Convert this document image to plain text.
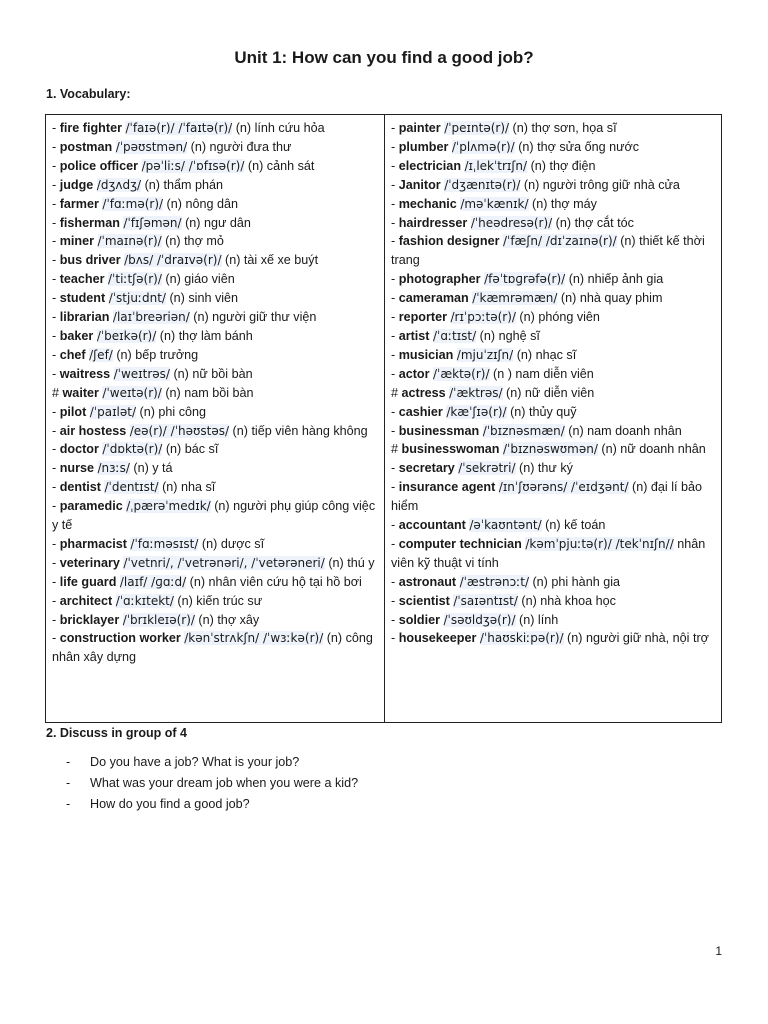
Unit 1: How can you find a good job?

1. Vocabulary:

- fire fighter /ˈfaɪə(r)/ /ˈfaɪtə(r)/ (n) lính cứu hỏa

- postman /ˈpəʊstmən/ (n) người đưa thư

- police officer /pəˈliːs/ /ˈɒfɪsə(r)/ (n) cảnh sát

- judge /dʒʌdʒ/ (n) thẩm phán

- farmer /ˈfɑːmə(r)/ (n) nông dân

- fisherman /ˈfɪʃəmən/ (n) ngư dân

- miner /ˈmaɪnə(r)/ (n) thợ mỏ

- bus driver /bʌs/ /ˈdraɪvə(r)/ (n) tài xế xe buýt

- teacher /ˈtiːtʃə(r)/ (n) giáo viên

- student /ˈstjuːdnt/ (n) sinh viên

- librarian /laɪˈbreəriən/ (n) người giữ thư viện

- baker /ˈbeɪkə(r)/ (n) thợ làm bánh

- chef /ʃef/ (n) bếp trưởng

- waitress /ˈweɪtrəs/ (n) nữ bồi bàn

# waiter /ˈweɪtə(r)/ (n) nam bồi bàn

- pilot /ˈpaɪlət/ (n) phi công

- air hostess /eə(r)/ /ˈhəʊstəs/ (n) tiếp viên hàng không

- doctor /ˈdɒktə(r)/ (n) bác sĩ

- nurse /nɜːs/ (n) y tá

- dentist /ˈdentɪst/ (n) nha sĩ

- paramedic /ˌpærəˈmedɪk/ (n) người phụ giúp công việc y tế

- pharmacist /ˈfɑːməsɪst/ (n) dược sĩ

- veterinary /ˈvetnri/, /ˈvetrənəri/, /ˈvetərəneri/ (n) thú y

- life guard /laɪf/ /ɡɑːd/ (n) nhân viên cứu hộ tại hồ bơi

- architect /ˈɑːkɪtekt/ (n) kiến trúc sư

- bricklayer /ˈbrɪkleɪə(r)/ (n) thợ xây

- construction worker /kənˈstrʌkʃn/ /ˈwɜːkə(r)/ (n) công nhân xây dựng

- painter /ˈpeɪntə(r)/ (n) thợ sơn, họa sĩ

- plumber /ˈplʌmə(r)/ (n) thợ sửa ống nước

- electrician /ɪˌlekˈtrɪʃn/ (n) thợ điện

- Janitor /ˈdʒænɪtə(r)/ (n) người trông giữ nhà cửa

- mechanic /məˈkænɪk/ (n) thợ máy

- hairdresser /ˈheədresə(r)/ (n) thợ cắt tóc

- fashion designer /ˈfæʃn/ /dɪˈzaɪnə(r)/ (n) thiết kế thời trang

- photographer /fəˈtɒɡrəfə(r)/ (n) nhiếp ảnh gia

- cameraman /ˈkæmrəmæn/ (n) nhà quay phim

- reporter /rɪˈpɔːtə(r)/ (n) phóng viên

- artist /ˈɑːtɪst/ (n) nghệ sĩ

- musician /mjuˈzɪʃn/ (n) nhạc sĩ

- actor /ˈæktə(r)/ (n ) nam diễn viên

# actress /ˈæktrəs/ (n) nữ diễn viên

- cashier /kæˈʃɪə(r)/ (n) thủy quỹ

- businessman /ˈbɪznəsmæn/ (n) nam doanh nhân

# businesswoman /ˈbɪznəswʊmən/ (n) nữ doanh nhân

- secretary /ˈsekrətri/ (n) thư ký

- insurance agent /ɪnˈʃʊərəns/ /ˈeɪdʒənt/ (n) đại lí bảo hiểm

- accountant /əˈkaʊntənt/ (n) kế toán

- computer technician /kəmˈpjuːtə(r)/ /tekˈnɪʃn// nhân viên kỹ thuật vi tính

- astronaut /ˈæstrənɔːt/ (n) phi hành gia

- scientist /ˈsaɪəntɪst/ (n) nhà khoa học

- soldier /ˈsəʊldʒə(r)/ (n) lính

- housekeeper /ˈhaʊskiːpə(r)/ (n) người giữ nhà, nội trợ

2. Discuss in group of 4

-	Do you have a job? What is your job?
-	What was your dream job when you were a kid?
-	How do you find a good job?
1
